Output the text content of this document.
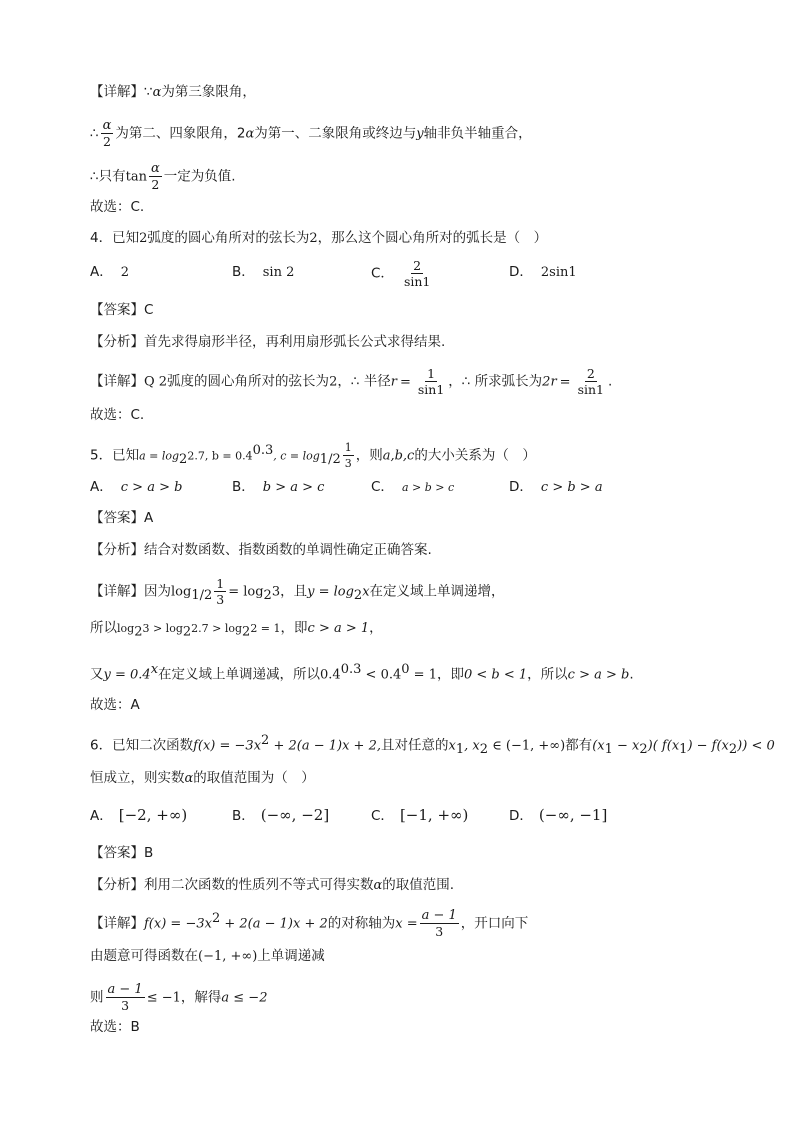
【详解】∵α为第三象限角，
∴ $\frac{\alpha}{2}$ 为第二、四象限角，2α为第一、二象限角或终边与y轴非负半轴重合，
∴只有$\tan \frac{\alpha}{2}$ 一定为负值.
故选：C.
4．已知2弧度的圆心角所对的弦长为2，那么这个圆心角所对的弧长是（　）
A． 2	B． sin 2	C． $\frac{2}{\sin 1}$	D． 2sin1
【答案】C
【分析】首先求得扇形半径，再利用扇形弧长公式求得结果.
【详解】Q 2弧度的圆心角所对的弦长为2，∴ 半径$r = \frac{1}{\sin 1}$ ，∴ 所求弧长为$2r = \frac{2}{\sin 1}$ .
故选：C.
5．已知$a = \log_22.7$, $b = 0.4^{0.3}$, $c = \log_{1/2} \frac{1}{3}$ ，则a,b,c的大小关系为（　）
A． c > a > b	B． b > a > c	C． a > b > c	D． c > b > a
【答案】A
【分析】结合对数函数、指数函数的单调性确定正确答案.
【详解】因为$\log_{1/2} \frac{1}{3} = \log_23$，且$y = \log_2x$在定义域上单调递增，
所以$\log_23 > \log_22.7 > \log_22 = 1$，即c > a > 1，
又$y = 0.4^x$在定义域上单调递减，所以$0.4^{0.3} < 0.4^0 = 1$，即0 < b < 1，所以c > a > b.
故选：A
6．已知二次函数$f(x) = -3x^2 + 2(a - 1)x + 2$,且对任意的$x_1$, $x_2$ ∈ (−1, +∞)都有$(x_1 - x_2)$( $f(x_1) - f(x_2)) < 0$
恒成立，则实数α的取值范围为（　）
A． [−2, +∞)	B． (−∞, −2]	C． [−1, +∞)	D． (−∞, −1]
【答案】B
【分析】利用二次函数的性质列不等式可得实数α的取值范围.
【详解】$f(x) = -3x^2 + 2(a - 1)x + 2$的对称轴为$x = \frac{a - 1}{3}$ ，开口向下
由题意可得函数在(−1, +∞)上单调递减
则 $\frac{a - 1}{3} \le -1$，解得a ≤ −2
故选：B
